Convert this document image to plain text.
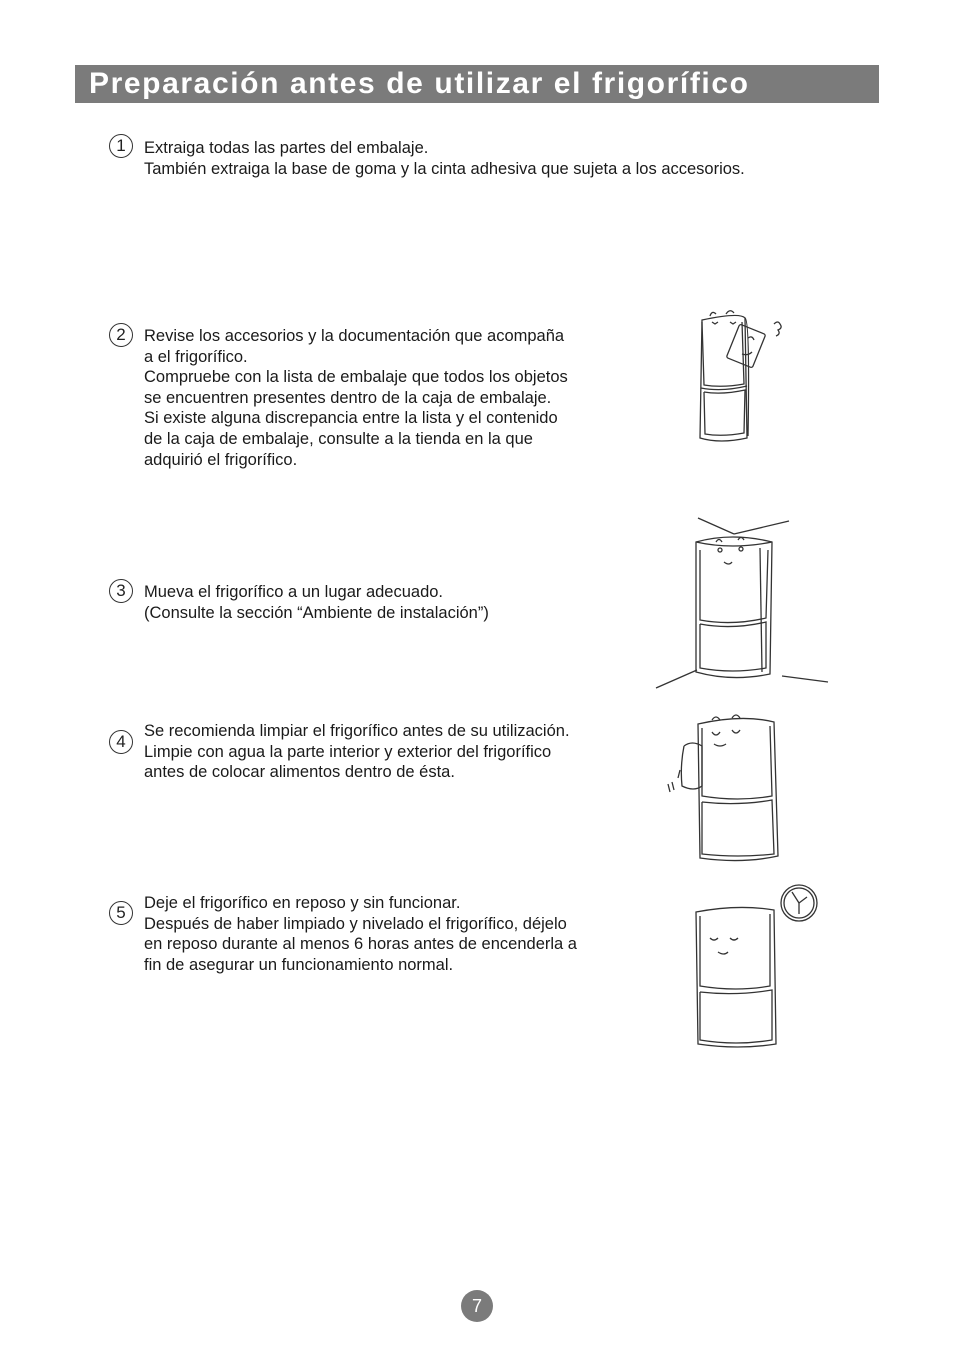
Preparación antes de utilizar el frigorífico
1	Extraiga todas las partes del embalaje.
También extraiga la base de goma y la cinta adhesiva que sujeta a los accesorios.
2	Revise los accesorios y la documentación que acompaña
a el frigorífico.
Compruebe con la lista de embalaje que todos los objetos
se encuentren presentes dentro de la caja de embalaje.
Si existe alguna discrepancia entre la lista y el contenido
de la caja de embalaje, consulte a la tienda en la que
adquirió el frigorífico.
3	Mueva el frigorífico a un lugar adecuado.
(Consulte la sección “Ambiente de instalación”)
4
Se recomienda limpiar el frigorífico antes de su utilización.
Limpie con agua la parte interior y exterior del frigorífico
antes de colocar alimentos dentro de ésta.
5	Deje el frigorífico en reposo y sin funcionar.
Después de haber limpiado y nivelado el frigorífico, déjelo
en reposo durante al menos 6 horas antes de encenderla a
fin de asegurar un funcionamiento normal.
7
